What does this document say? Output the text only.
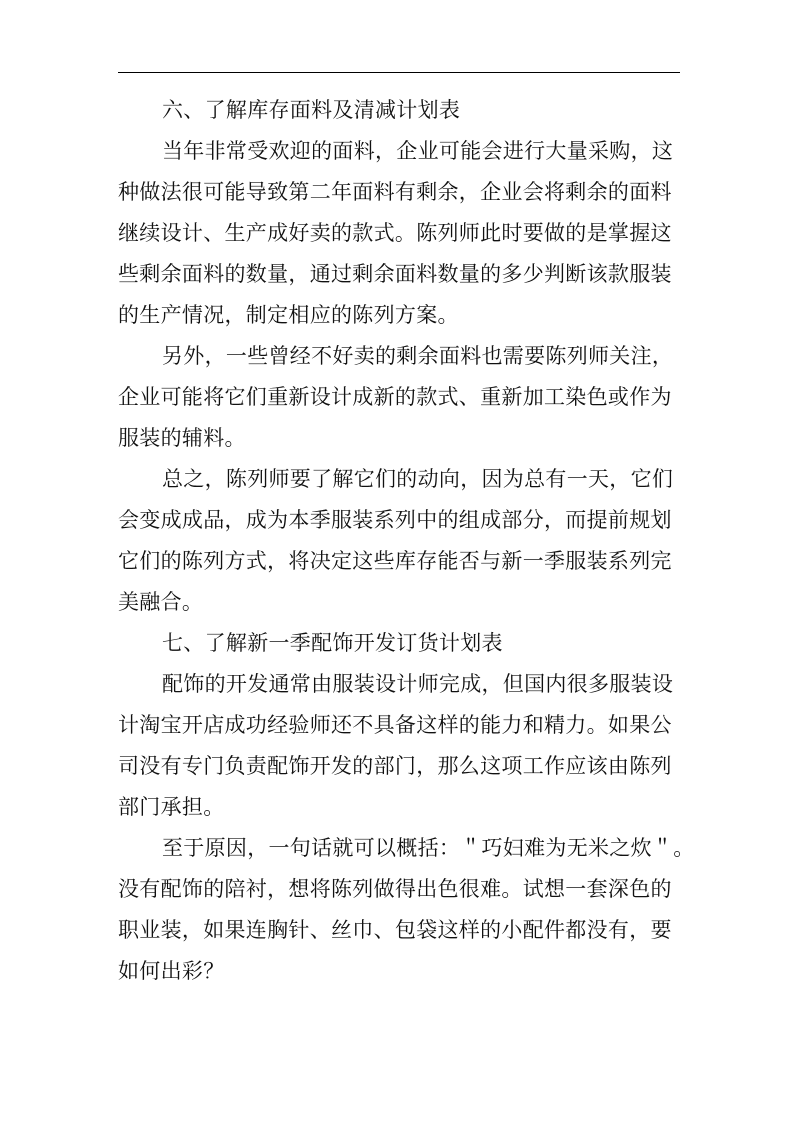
六、了解库存面料及清减计划表
当年非常受欢迎的面料，企业可能会进行大量采购，这
种做法很可能导致第二年面料有剩余，企业会将剩余的面料
继续设计、生产成好卖的款式。陈列师此时要做的是掌握这
些剩余面料的数量，通过剩余面料数量的多少判断该款服装
的生产情况，制定相应的陈列方案。
另外，一些曾经不好卖的剩余面料也需要陈列师关注，
企业可能将它们重新设计成新的款式、重新加工染色或作为
服装的辅料。
总之，陈列师要了解它们的动向，因为总有一天，它们
会变成成品，成为本季服装系列中的组成部分，而提前规划
它们的陈列方式，将决定这些库存能否与新一季服装系列完
美融合。
七、了解新一季配饰开发订货计划表
配饰的开发通常由服装设计师完成，但国内很多服装设
计淘宝开店成功经验师还不具备这样的能力和精力。如果公
司没有专门负责配饰开发的部门，那么这项工作应该由陈列
部门承担。
至于原因，一句话就可以概括：＂巧妇难为无米之炊＂。
没有配饰的陪衬，想将陈列做得出色很难。试想一套深色的
职业装，如果连胸针、丝巾、包袋这样的小配件都没有，要
如何出彩？
